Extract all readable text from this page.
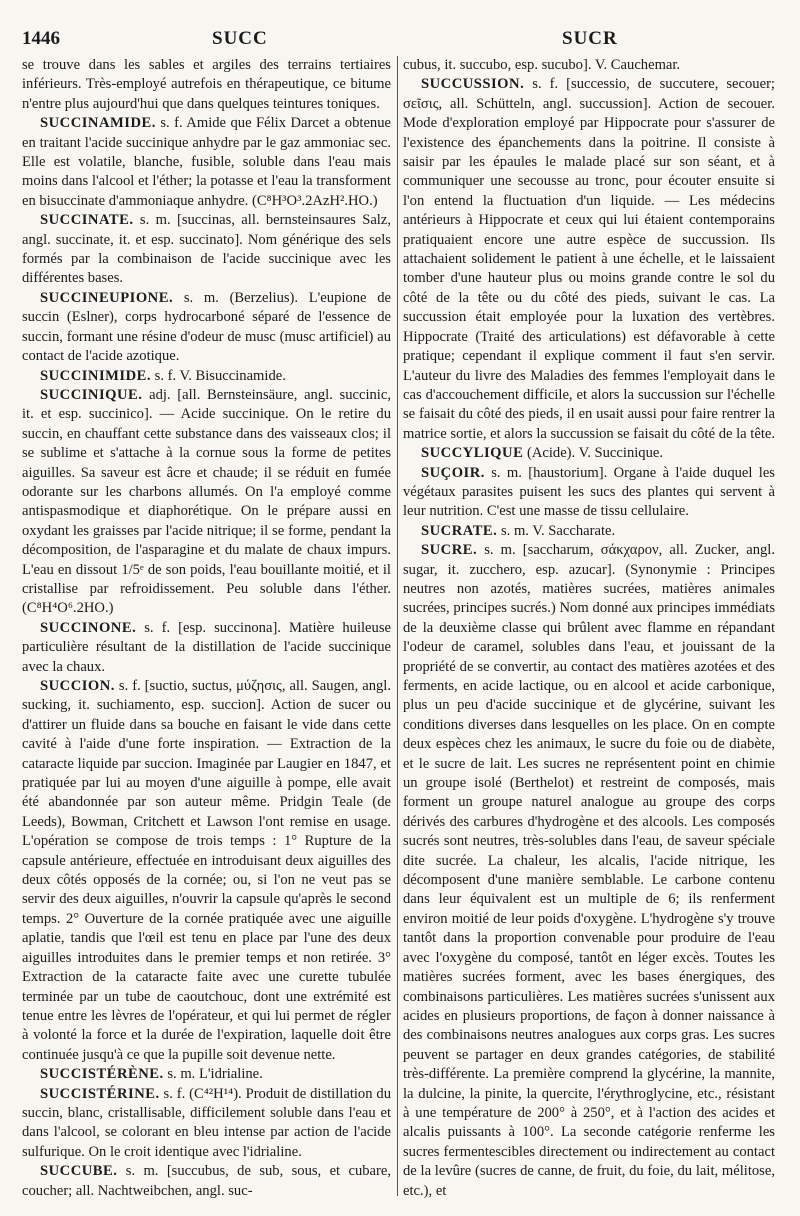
1446	SUCC	SUCR

se trouve dans les sables et argiles des terrains tertiaires inférieurs. Très-employé autrefois en thérapeutique, ce bitume n'entre plus aujourd'hui que dans quelques teintures toniques.

SUCCINAMIDE. s. f. Amide que Félix Darcet a obtenue en traitant l'acide succinique anhydre par le gaz ammoniac sec. Elle est volatile, blanche, fusible, soluble dans l'eau mais moins dans l'alcool et l'éther; la potasse et l'eau la transforment en bisuccinate d'ammoniaque anhydre. (C⁸H³O³.2AzH².HO.)

SUCCINATE. s. m. [succinas, all. bernsteinsaures Salz, angl. succinate, it. et esp. succinato]. Nom générique des sels formés par la combinaison de l'acide succinique avec les différentes bases.

SUCCINEUPIONE. s. m. (Berzelius). L'eupione de succin (Eslner), corps hydrocarboné séparé de l'essence de succin, formant une résine d'odeur de musc (musc artificiel) au contact de l'acide azotique.

SUCCINIMIDE. s. f. V. Bisuccinamide.

SUCCINIQUE. adj. [all. Bernsteinsäure, angl. succinic, it. et esp. succinico]. — Acide succinique. On le retire du succin, en chauffant cette substance dans des vaisseaux clos; il se sublime et s'attache à la cornue sous la forme de petites aiguilles. Sa saveur est âcre et chaude; il se réduit en fumée odorante sur les charbons allumés. On l'a employé comme antispasmodique et diaphorétique. On le prépare aussi en oxydant les graisses par l'acide nitrique; il se forme, pendant la décomposition, de l'asparagine et du malate de chaux impurs. L'eau en dissout 1/5ᵉ de son poids, l'eau bouillante moitié, et il cristallise par refroidissement. Peu soluble dans l'éther. (C⁸H⁴O⁶.2HO.)

SUCCINONE. s. f. [esp. succinona]. Matière huileuse particulière résultant de la distillation de l'acide succinique avec la chaux.

SUCCION. s. f. [suctio, suctus, μύζησις, all. Saugen, angl. sucking, it. suchiamento, esp. succion]. Action de sucer ou d'attirer un fluide dans sa bouche en faisant le vide dans cette cavité à l'aide d'une forte inspiration. — Extraction de la cataracte liquide par succion. Imaginée par Laugier en 1847, et pratiquée par lui au moyen d'une aiguille à pompe, elle avait été abandonnée par son auteur même. Pridgin Teale (de Leeds), Bowman, Critchett et Lawson l'ont remise en usage. L'opération se compose de trois temps : 1° Rupture de la capsule antérieure, effectuée en introduisant deux aiguilles des deux côtés opposés de la cornée; ou, si l'on ne veut pas se servir des deux aiguilles, n'ouvrir la capsule qu'après le second temps. 2° Ouverture de la cornée pratiquée avec une aiguille aplatie, tandis que l'œil est tenu en place par l'une des deux aiguilles introduites dans le premier temps et non retirée. 3° Extraction de la cataracte faite avec une curette tubulée terminée par un tube de caoutchouc, dont une extrémité est tenue entre les lèvres de l'opérateur, et qui lui permet de régler à volonté la force et la durée de l'expiration, laquelle doit être continuée jusqu'à ce que la pupille soit devenue nette.

SUCCISTÉRÈNE. s. m. L'idrialine.

SUCCISTÉRINE. s. f. (C⁴²H¹⁴). Produit de distillation du succin, blanc, cristallisable, difficilement soluble dans l'eau et dans l'alcool, se colorant en bleu intense par action de l'acide sulfurique. On le croit identique avec l'idrialine.

SUCCUBE. s. m. [succubus, de sub, sous, et cubare, coucher; all. Nachtweibchen, angl. suc-

cubus, it. succubo, esp. sucubo]. V. Cauchemar.

SUCCUSSION. s. f. [successio, de succutere, secouer; σεῖσις, all. Schütteln, angl. succussion]. Action de secouer. Mode d'exploration employé par Hippocrate pour s'assurer de l'existence des épanchements dans la poitrine. Il consiste à saisir par les épaules le malade placé sur son séant, et à communiquer une secousse au tronc, pour écouter ensuite si l'on entend la fluctuation d'un liquide. — Les médecins antérieurs à Hippocrate et ceux qui lui étaient contemporains pratiquaient encore une autre espèce de succussion. Ils attachaient solidement le patient à une échelle, et le laissaient tomber d'une hauteur plus ou moins grande contre le sol du côté de la tête ou du côté des pieds, suivant le cas. La succussion était employée pour la luxation des vertèbres. Hippocrate (Traité des articulations) est défavorable à cette pratique; cependant il explique comment il faut s'en servir. L'auteur du livre des Maladies des femmes l'employait dans le cas d'accouchement difficile, et alors la succussion sur l'échelle se faisait du côté des pieds, il en usait aussi pour faire rentrer la matrice sortie, et alors la succussion se faisait du côté de la tête.

SUCCYLIQUE (Acide). V. Succinique.

SUÇOIR. s. m. [haustorium]. Organe à l'aide duquel les végétaux parasites puisent les sucs des plantes qui servent à leur nutrition. C'est une masse de tissu cellulaire.

SUCRATE. s. m. V. Saccharate.

SUCRE. s. m. [saccharum, σάκχαρον, all. Zucker, angl. sugar, it. zucchero, esp. azucar]. (Synonymie : Principes neutres non azotés, matières sucrées, matières animales sucrées, principes sucrés.) Nom donné aux principes immédiats de la deuxième classe qui brûlent avec flamme en répandant l'odeur de caramel, solubles dans l'eau, et jouissant de la propriété de se convertir, au contact des matières azotées et des ferments, en acide lactique, ou en alcool et acide carbonique, plus un peu d'acide succinique et de glycérine, suivant les conditions diverses dans lesquelles on les place. On en compte deux espèces chez les animaux, le sucre du foie ou de diabète, et le sucre de lait. Les sucres ne représentent point en chimie un groupe isolé (Berthelot) et restreint de composés, mais forment un groupe naturel analogue au groupe des corps dérivés des carbures d'hydrogène et des alcools. Les composés sucrés sont neutres, très-solubles dans l'eau, de saveur spéciale dite sucrée. La chaleur, les alcalis, l'acide nitrique, les décomposent d'une manière semblable. Le carbone contenu dans leur équivalent est un multiple de 6; ils renferment environ moitié de leur poids d'oxygène. L'hydrogène s'y trouve tantôt dans la proportion convenable pour produire de l'eau avec l'oxygène du composé, tantôt en léger excès. Toutes les matières sucrées forment, avec les bases énergiques, des combinaisons particulières. Les matières sucrées s'unissent aux acides en plusieurs proportions, de façon à donner naissance à des combinaisons neutres analogues aux corps gras. Les sucres peuvent se partager en deux grandes catégories, de stabilité très-différente. La première comprend la glycérine, la mannite, la dulcine, la pinite, la quercite, l'érythroglycine, etc., résistant à une température de 200° à 250°, et à l'action des acides et alcalis puissants à 100°. La seconde catégorie renferme les sucres fermentescibles directement ou indirectement au contact de la levûre (sucres de canne, de fruit, du foie, du lait, mélitose, etc.), et
